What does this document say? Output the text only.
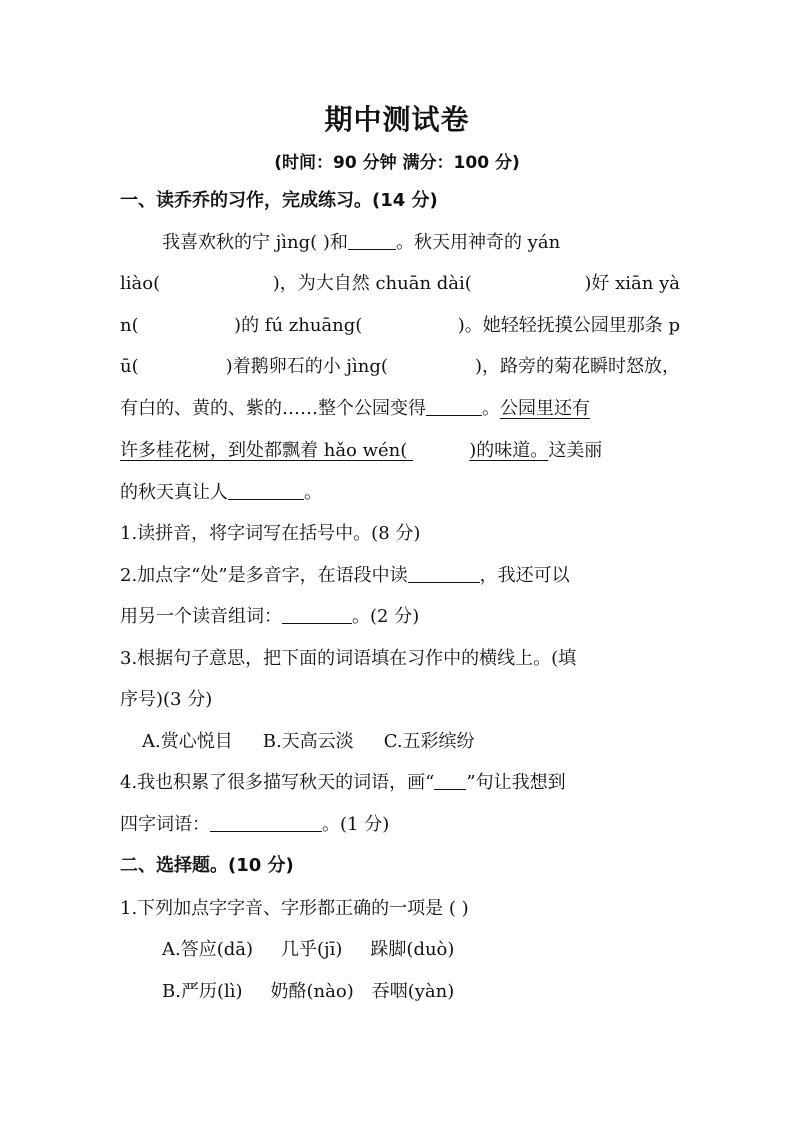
期中测试卷
(时间：90 分钟 满分：100 分)
一、读乔乔的习作，完成练习。(14 分)
我喜欢秋的宁 jìng( )和	。秋天用神奇的 yán
liào(	)，为大自然 chuān dài(	)好 xiān yà
n(	)的 fú zhuāng(	)。她轻轻抚摸公园里那条 p
ū(	)着鹅卵石的小 jìng(	)，路旁的菊花瞬时怒放，
有白的、黄的、紫的……整个公园变得	。公园里还有
许多桂花树，到处都飘着 hǎo wén(	)的味道。这美丽
的秋天真让人	。
1.读拼音，将字词写在括号中。(8 分)
2.加点字“处”是多音字，在语段中读	，我还可以
用另一个读音组词：	。(2 分)
3.根据句子意思，把下面的词语填在习作中的横线上。(填
序号)(3 分)
A.赏心悦目 B.天高云淡 C.五彩缤纷
4.我也积累了很多描写秋天的词语，画“ ”句让我想到
四字词语：	。(1 分)
二、选择题。(10 分)
1.下列加点字字音、字形都正确的一项是 ( )
A.答应(dā) 几乎(jī) 跺脚(duò)
B.严历(lì) 奶酪(nào) 吞咽(yàn)
